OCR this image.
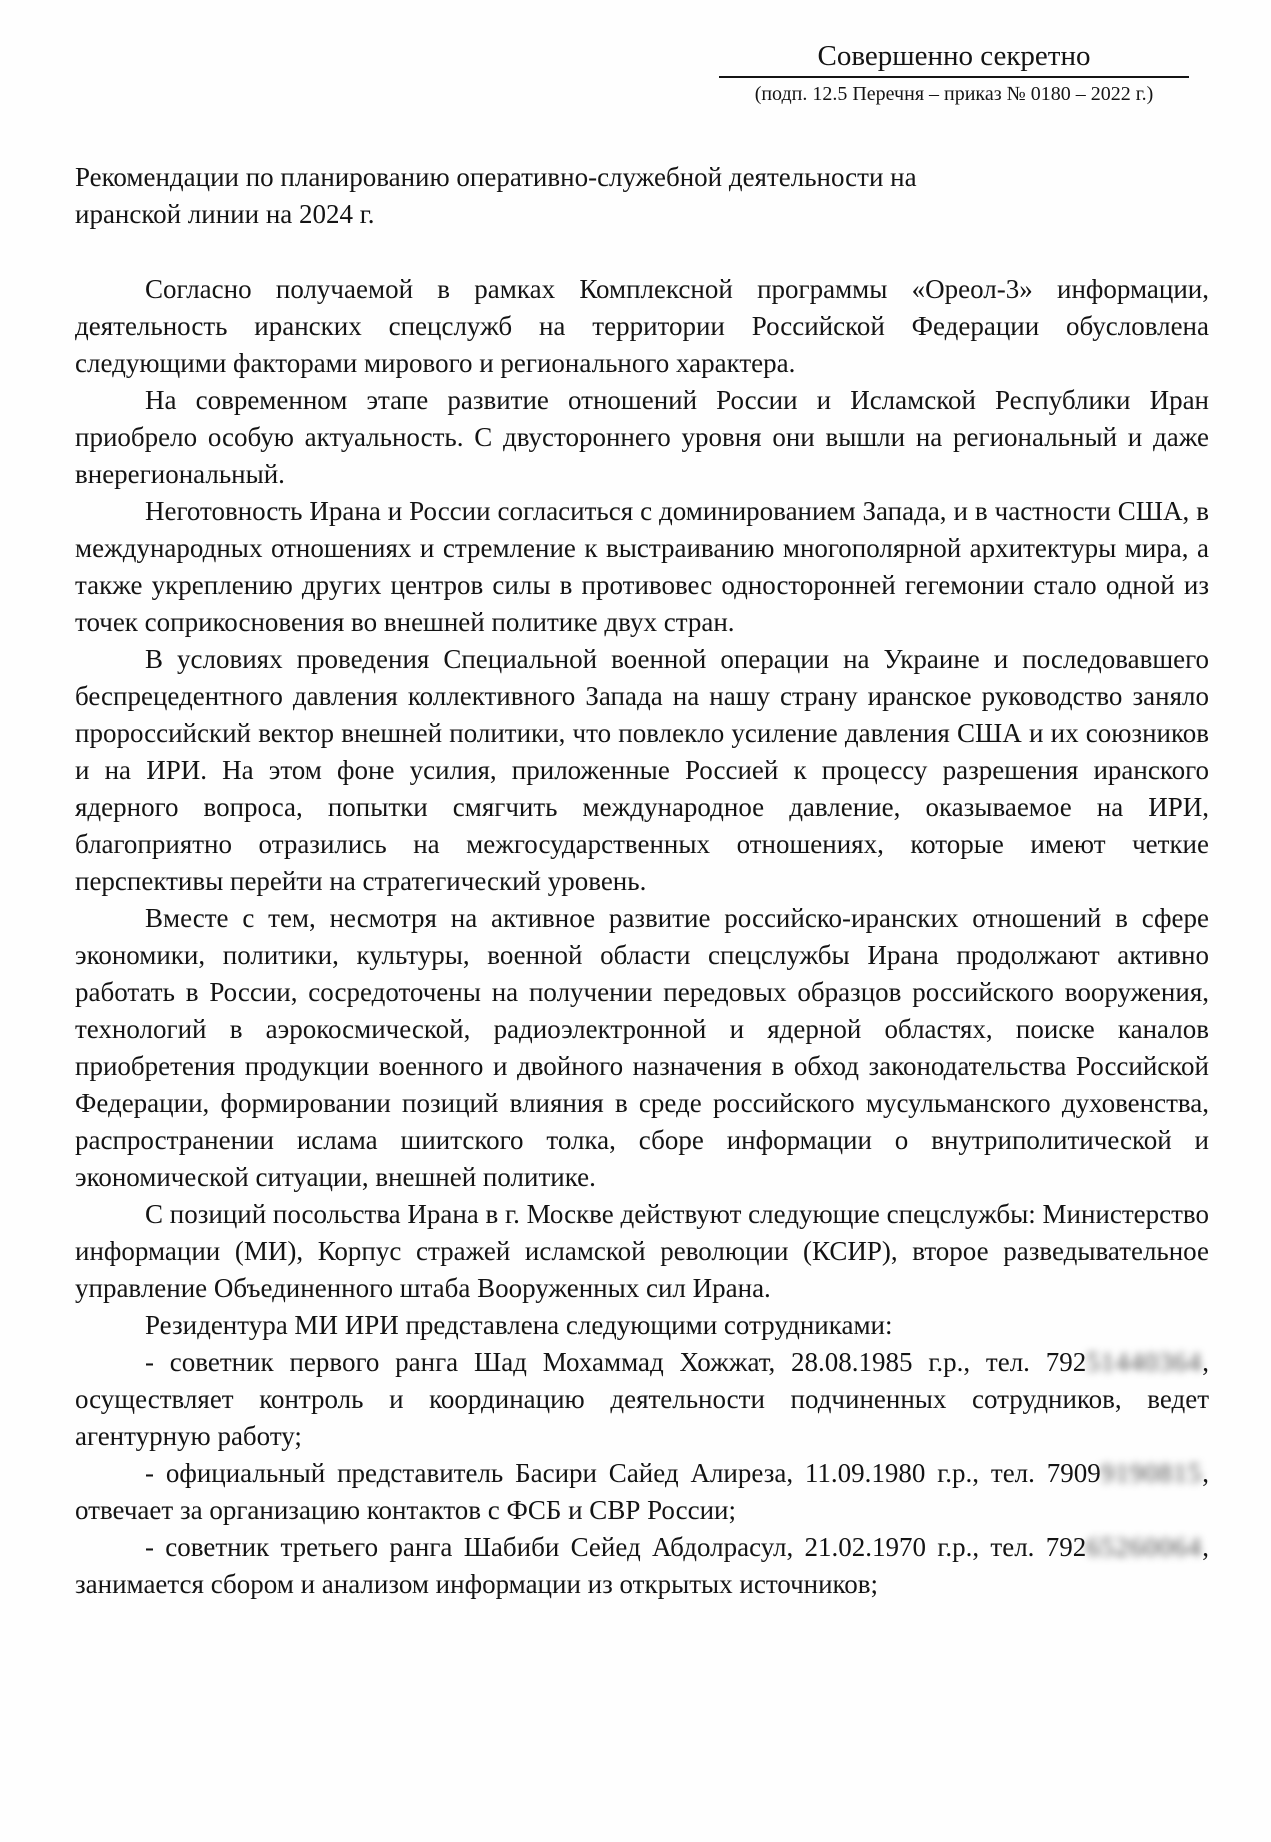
Совершенно секретно
(подп. 12.5 Перечня – приказ № 0180 – 2022 г.)
Рекомендации по планированию оперативно-служебной деятельности на иранской линии на 2024 г.

Согласно получаемой в рамках Комплексной программы «Ореол-3» информации, деятельность иранских спецслужб на территории Российской Федерации обусловлена следующими факторами мирового и регионального характера.

На современном этапе развитие отношений России и Исламской Республики Иран приобрело особую актуальность. С двустороннего уровня они вышли на региональный и даже внерегиональный.

Неготовность Ирана и России согласиться с доминированием Запада, и в частности США, в международных отношениях и стремление к выстраиванию многополярной архитектуры мира, а также укреплению других центров силы в противовес односторонней гегемонии стало одной из точек соприкосновения во внешней политике двух стран.

В условиях проведения Специальной военной операции на Украине и последовавшего беспрецедентного давления коллективного Запада на нашу страну иранское руководство заняло пророссийский вектор внешней политики, что повлекло усиление давления США и их союзников и на ИРИ. На этом фоне усилия, приложенные Россией к процессу разрешения иранского ядерного вопроса, попытки смягчить международное давление, оказываемое на ИРИ, благоприятно отразились на межгосударственных отношениях, которые имеют четкие перспективы перейти на стратегический уровень.

Вместе с тем, несмотря на активное развитие российско-иранских отношений в сфере экономики, политики, культуры, военной области спецслужбы Ирана продолжают активно работать в России, сосредоточены на получении передовых образцов российского вооружения, технологий в аэрокосмической, радиоэлектронной и ядерной областях, поиске каналов приобретения продукции военного и двойного назначения в обход законодательства Российской Федерации, формировании позиций влияния в среде российского мусульманского духовенства, распространении ислама шиитского толка, сборе информации о внутриполитической и экономической ситуации, внешней политике.

С позиций посольства Ирана в г. Москве действуют следующие спецслужбы: Министерство информации (МИ), Корпус стражей исламской революции (КСИР), второе разведывательное управление Объединенного штаба Вооруженных сил Ирана.

Резидентура МИ ИРИ представлена следующими сотрудниками:

- советник первого ранга Шад Мохаммад Хожжат, 28.08.1985 г.р., тел. 79251440364, осуществляет контроль и координацию деятельности подчиненных сотрудников, ведет агентурную работу;

- официальный представитель Басири Сайед Алиреза, 11.09.1980 г.р., тел. 79099190815, отвечает за организацию контактов с ФСБ и СВР России;

- советник третьего ранга Шабиби Сейед Абдолрасул, 21.02.1970 г.р., тел. 79265260064, занимается сбором и анализом информации из открытых источников;
